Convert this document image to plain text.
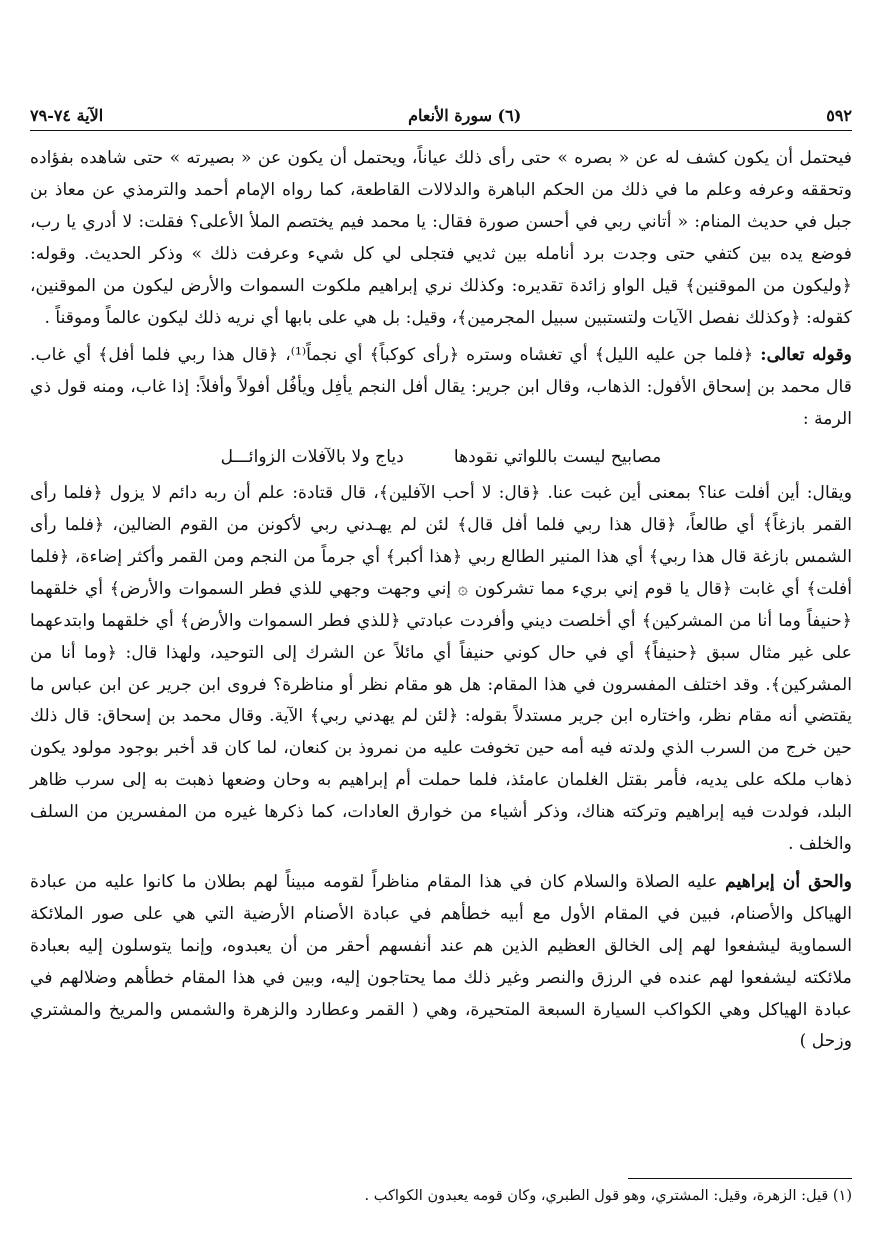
٥٩٢
(٦) سورة الأنعام
الآية ٧٤-٧٩

فيحتمل أن يكون كشف له عن « بصره » حتى رأى ذلك عياناً، ويحتمل أن يكون عن « بصيرته » حتى شاهده بفؤاده وتحققه وعرفه وعلم ما في ذلك من الحكم الباهرة والدلالات القاطعة، كما رواه الإمام أحمد والترمذي عن معاذ بن جبل في حديث المنام: « أتاني ربي في أحسن صورة فقال: يا محمد فيم يختصم الملأ الأعلى؟ فقلت: لا أدري يا رب، فوضع يده بين كتفي حتى وجدت برد أنامله بين ثديي فتجلى لي كل شيء وعرفت ذلك » وذكر الحديث. وقوله: ﴿وليكون من الموقنين﴾ قيل الواو زائدة تقديره: وكذلك نري إبراهيم ملكوت السموات والأرض ليكون من الموقنين، كقوله: ﴿وكذلك نفصل الآيات ولتستبين سبيل المجرمين﴾، وقيل: بل هي على بابها أي نريه ذلك ليكون عالماً وموقناً .

وقوله تعالى: ﴿فلما جن عليه الليل﴾ أي تغشاه وستره ﴿رأى كوكباً﴾ أي نجماً⁽¹⁾، ﴿قال هذا ربي فلما أفل﴾ أي غاب. قال محمد بن إسحاق الأفول: الذهاب، وقال ابن جرير: يقال أفل النجم يأفِل ويأفُل أفولاً وأفلاً: إذا غاب، ومنه قول ذي الرمة :

مصابيح ليست باللواتي نقودها
دياج ولا بالآفلات الزوائـــل

ويقال: أين أفلت عنا؟ بمعنى أين غبت عنا. ﴿قال: لا أحب الآفلين﴾، قال قتادة: علم أن ربه دائم لا يزول ﴿فلما رأى القمر بازغاً﴾ أي طالعاً، ﴿قال هذا ربي فلما أفل قال﴾ لئن لم يهـدني ربي لأكونن من القوم الضالين، ﴿فلما رأى الشمس بازغة قال هذا ربي﴾ أي هذا المنير الطالع ربي ﴿هذا أكبر﴾ أي جرماً من النجم ومن القمر وأكثر إضاءة، ﴿فلما أفلت﴾ أي غابت ﴿قال يا قوم إني بريء مما تشركون ۞ إني وجهت وجهي للذي فطر السموات والأرض﴾ أي خلقهما ﴿حنيفاً وما أنا من المشركين﴾ أي أخلصت ديني وأفردت عبادتي ﴿للذي فطر السموات والأرض﴾ أي خلقهما وابتدعهما على غير مثال سبق ﴿حنيفاً﴾ أي في حال كوني حنيفاً أي مائلاً عن الشرك إلى التوحيد، ولهذا قال: ﴿وما أنا من المشركين﴾. وقد اختلف المفسرون في هذا المقام: هل هو مقام نظر أو مناظرة؟ فروى ابن جرير عن ابن عباس ما يقتضي أنه مقام نظر، واختاره ابن جرير مستدلاً بقوله: ﴿لئن لم يهدني ربي﴾ الآية. وقال محمد بن إسحاق: قال ذلك حين خرج من السرب الذي ولدته فيه أمه حين تخوفت عليه من نمروذ بن كنعان، لما كان قد أخبر بوجود مولود يكون ذهاب ملكه على يديه، فأمر بقتل الغلمان عامئذ، فلما حملت أم إبراهيم به وحان وضعها ذهبت به إلى سرب ظاهر البلد، فولدت فيه إبراهيم وتركته هناك، وذكر أشياء من خوارق العادات، كما ذكرها غيره من المفسرين من السلف والخلف .

والحق أن إبراهيم عليه الصلاة والسلام كان في هذا المقام مناظراً لقومه مبيناً لهم بطلان ما كانوا عليه من عبادة الهياكل والأصنام، فبين في المقام الأول مع أبيه خطأهم في عبادة الأصنام الأرضية التي هي على صور الملائكة السماوية ليشفعوا لهم إلى الخالق العظيم الذين هم عند أنفسهم أحقر من أن يعبدوه، وإنما يتوسلون إليه بعبادة ملائكته ليشفعوا لهم عنده في الرزق والنصر وغير ذلك مما يحتاجون إليه، وبين في هذا المقام خطأهم وضلالهم في عبادة الهياكل وهي الكواكب السيارة السبعة المتحيرة، وهي ( القمر وعطارد والزهرة والشمس والمريخ والمشتري وزحل )

(١) قيل: الزهرة، وقيل: المشتري، وهو قول الطبري، وكان قومه يعبدون الكواكب .
